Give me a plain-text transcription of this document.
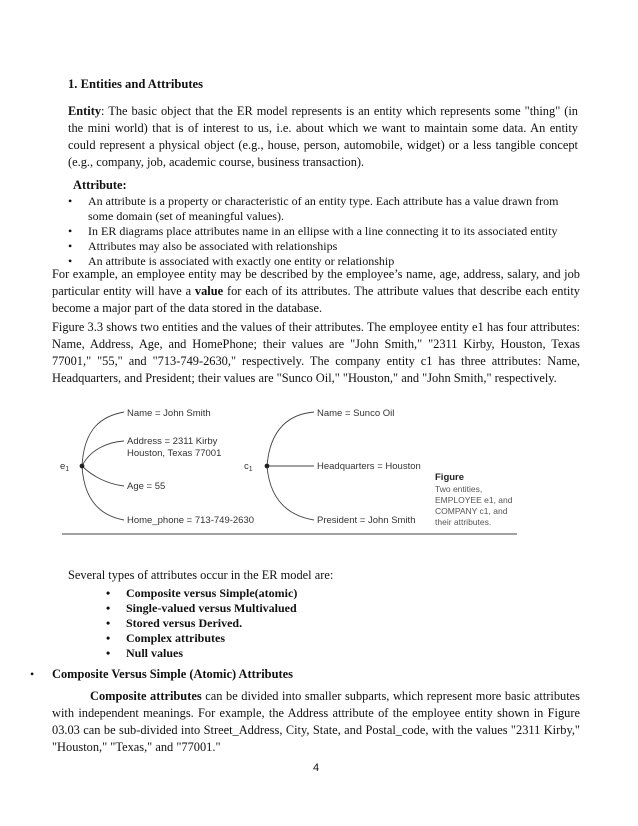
1. Entities and Attributes

Entity: The basic object that the ER model represents is an entity which represents some "thing" (in the mini world) that is of interest to us, i.e. about which we want to maintain some data. An entity could represent a physical object (e.g., house, person, automobile, widget) or a less tangible concept (e.g., company, job, academic course, business transaction).

Attribute:
• An attribute is a property or characteristic of an entity type. Each attribute has a value drawn from some domain (set of meaningful values).
• In ER diagrams place attributes name in an ellipse with a line connecting it to its associated entity
• Attributes may also be associated with relationships
• An attribute is associated with exactly one entity or relationship

For example, an employee entity may be described by the employee’s name, age, address, salary, and job particular entity will have a value for each of its attributes. The attribute values that describe each entity become a major part of the data stored in the database.

Figure 3.3 shows two entities and the values of their attributes. The employee entity e1 has four attributes: Name, Address, Age, and HomePhone; their values are "John Smith," "2311 Kirby, Houston, Texas 77001," "55," and "713-749-2630," respectively. The company entity c1 has three attributes: Name, Headquarters, and President; their values are "Sunco Oil," "Houston," and "John Smith," respectively.

$e_1$	$c_1$
Name = John Smith
Address = 2311 Kirby
Houston, Texas 77001
Age = 55
Home_phone = 713-749-2630
Name = Sunco Oil
Headquarters = Houston
President = John Smith
Figure
Two entities,
EMPLOYEE e1, and
COMPANY c1, and
their attributes.
Several types of attributes occur in the ER model are:
• Composite versus Simple(atomic)
• Single-valued versus Multivalued
• Stored versus Derived.
• Complex attributes
• Null values
• Composite Versus Simple (Atomic) Attributes

Composite attributes can be divided into smaller subparts, which represent more basic attributes with independent meanings. For example, the Address attribute of the employee entity shown in Figure 03.03 can be sub-divided into Street_Address, City, State, and Postal_code, with the values "2311 Kirby," "Houston," "Texas," and "77001."

4
